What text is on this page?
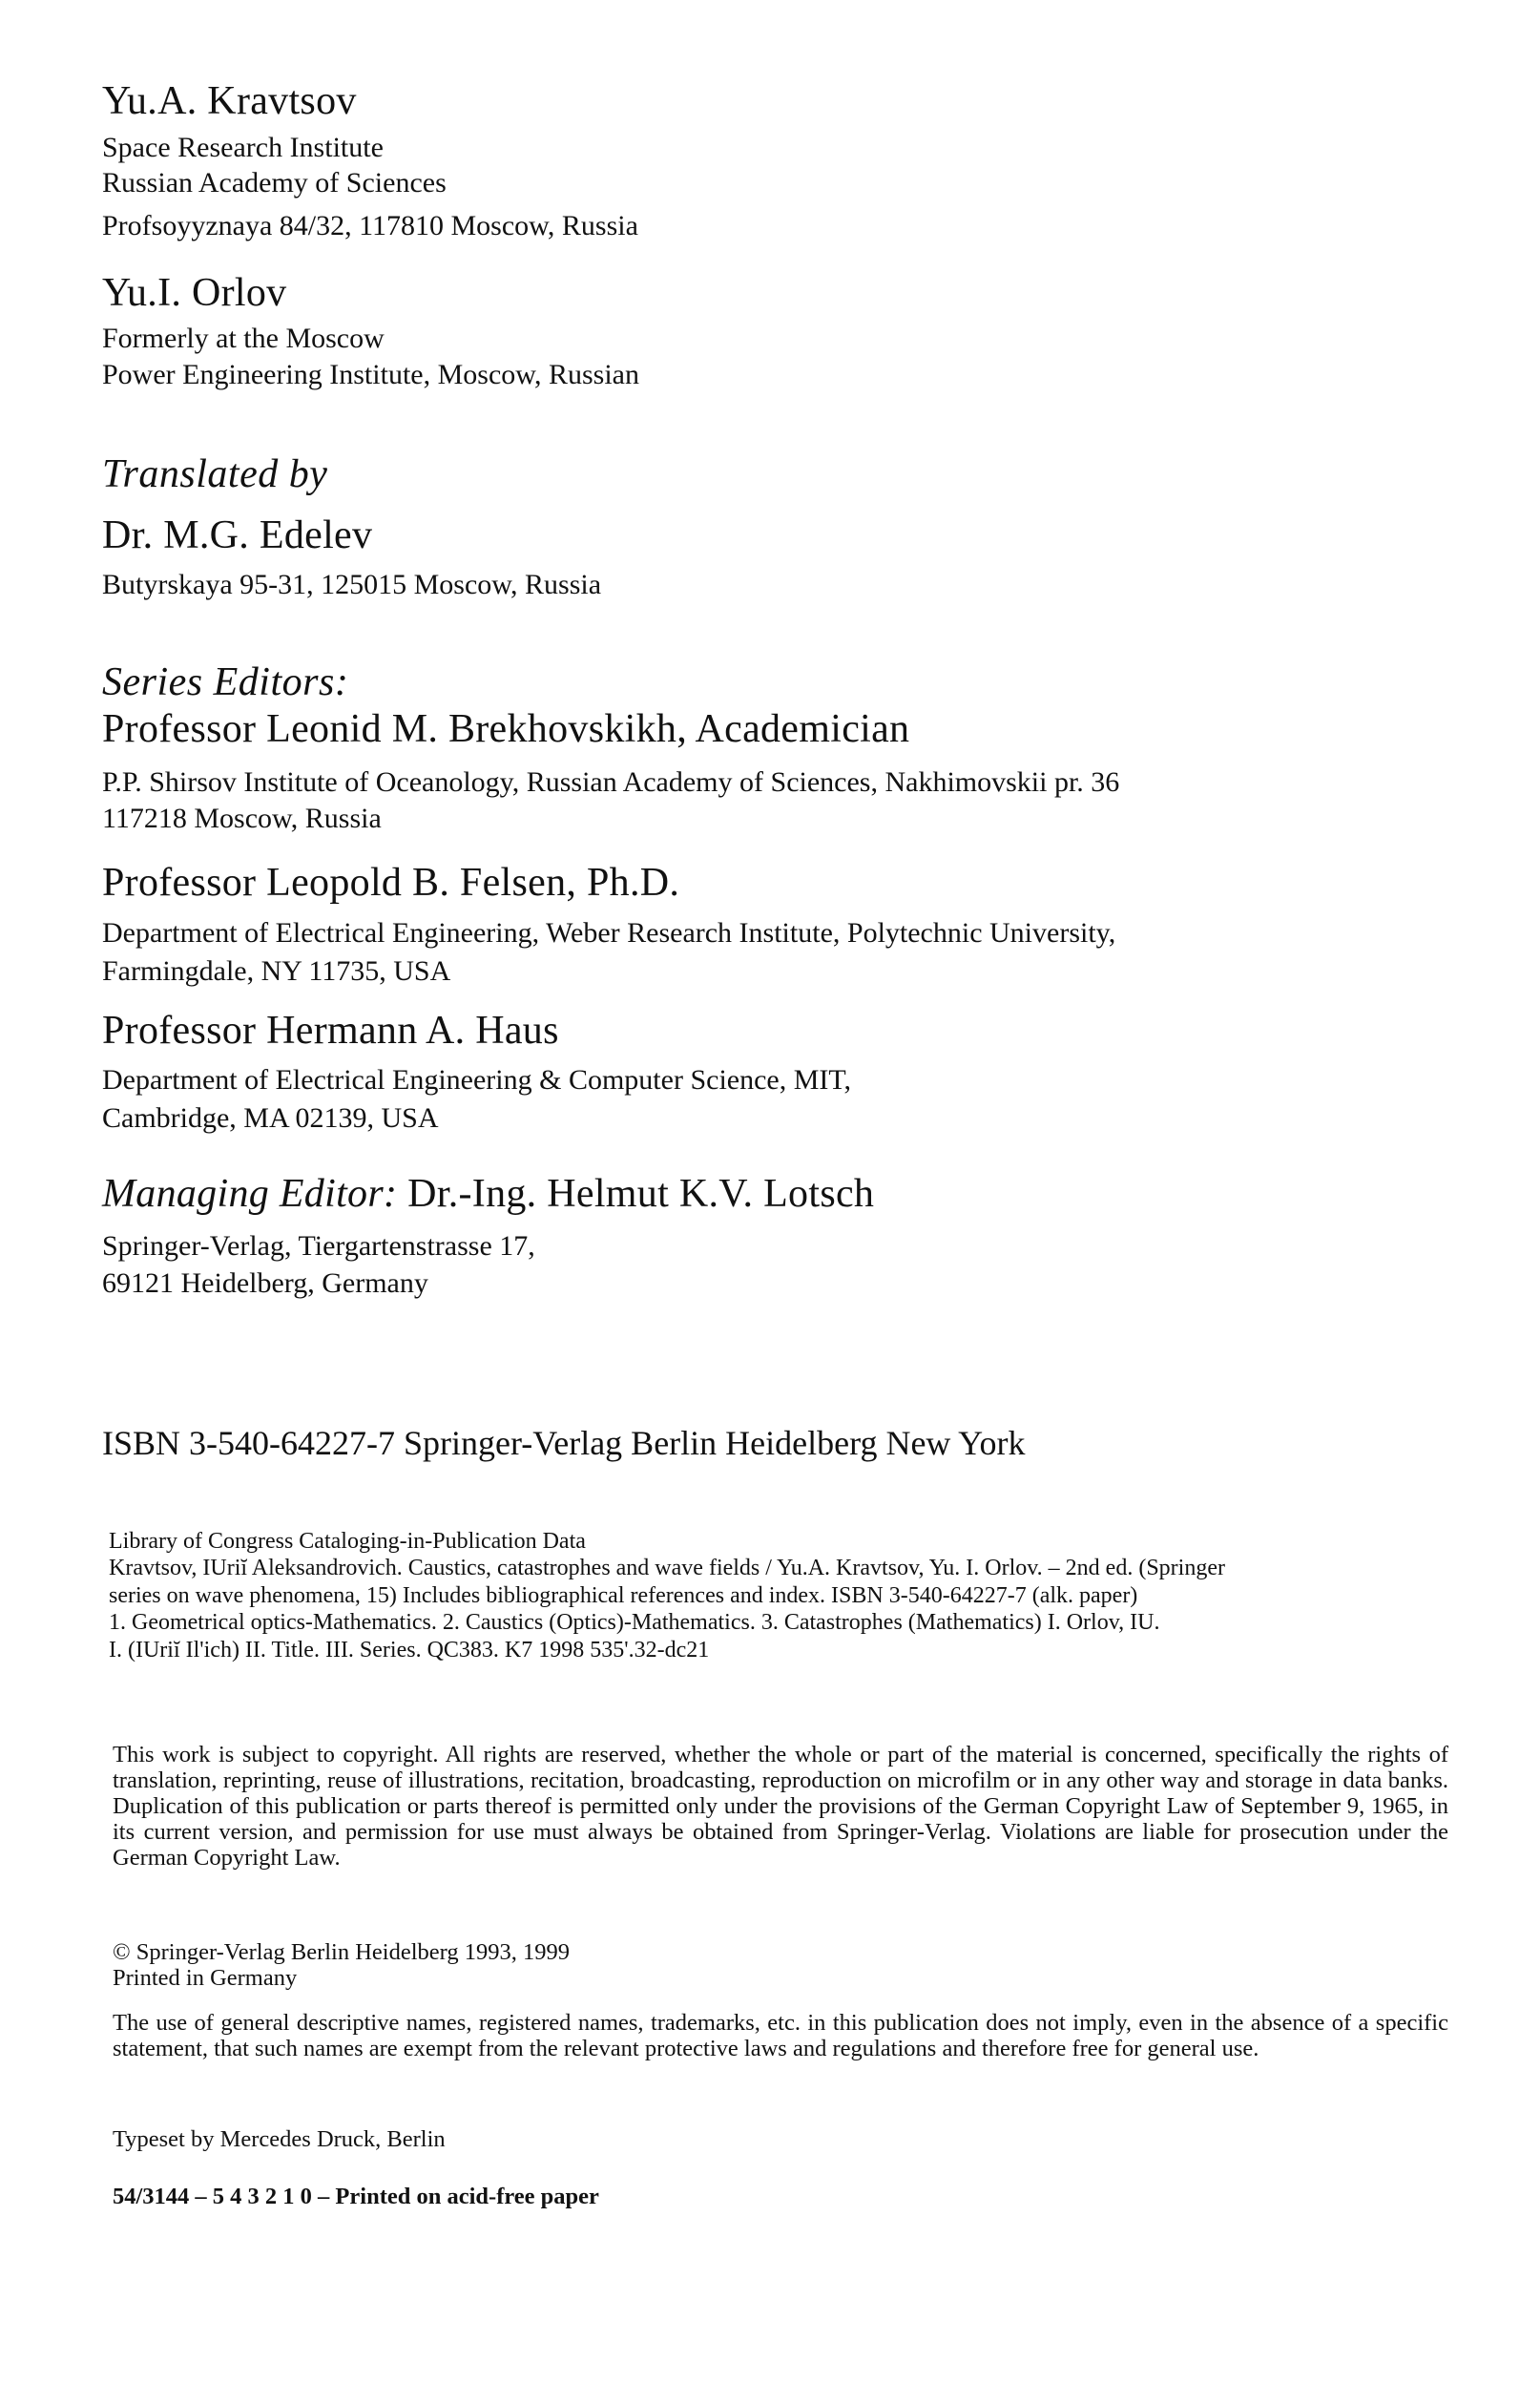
Yu.A. Kravtsov
Space Research Institute
Russian Academy of Sciences
Profsoyyznaya 84/32, 117810 Moscow, Russia
Yu.I. Orlov
Formerly at the Moscow
Power Engineering Institute, Moscow, Russian
Translated by
Dr. M.G. Edelev
Butyrskaya 95-31, 125015 Moscow, Russia
Series Editors:
Professor Leonid M. Brekhovskikh, Academician
P.P. Shirsov Institute of Oceanology, Russian Academy of Sciences, Nakhimovskii pr. 36
117218 Moscow, Russia
Professor Leopold B. Felsen, Ph.D.
Department of Electrical Engineering, Weber Research Institute, Polytechnic University,
Farmingdale, NY 11735, USA
Professor Hermann A. Haus
Department of Electrical Engineering & Computer Science, MIT,
Cambridge, MA 02139, USA
Managing Editor: Dr.-Ing. Helmut K.V. Lotsch
Springer-Verlag, Tiergartenstrasse 17,
69121 Heidelberg, Germany
ISBN 3-540-64227-7 Springer-Verlag Berlin Heidelberg New York
Library of Congress Cataloging-in-Publication Data
Kravtsov, IUriĭ Aleksandrovich. Caustics, catastrophes and wave fields / Yu.A. Kravtsov, Yu. I. Orlov. – 2nd ed. (Springer
series on wave phenomena, 15) Includes bibliographical references and index. ISBN 3-540-64227-7 (alk. paper)
1. Geometrical optics-Mathematics. 2. Caustics (Optics)-Mathematics. 3. Catastrophes (Mathematics) I. Orlov, IU.
I. (IUriĭ Il'ich) II. Title. III. Series. QC383. K7 1998 535'.32-dc21
This work is subject to copyright. All rights are reserved, whether the whole or part of the material is concerned, specifically the rights of translation, reprinting, reuse of illustrations, recitation, broadcasting, reproduction on microfilm or in any other way and storage in data banks. Duplication of this publication or parts thereof is permitted only under the provisions of the German Copyright Law of September 9, 1965, in its current version, and permission for use must always be obtained from Springer-Verlag. Violations are liable for prosecution under the German Copyright Law.
© Springer-Verlag Berlin Heidelberg 1993, 1999
Printed in Germany
The use of general descriptive names, registered names, trademarks, etc. in this publication does not imply, even in the absence of a specific statement, that such names are exempt from the relevant protective laws and regulations and therefore free for general use.
Typeset by Mercedes Druck, Berlin
54/3144 – 5 4 3 2 1 0 – Printed on acid-free paper
